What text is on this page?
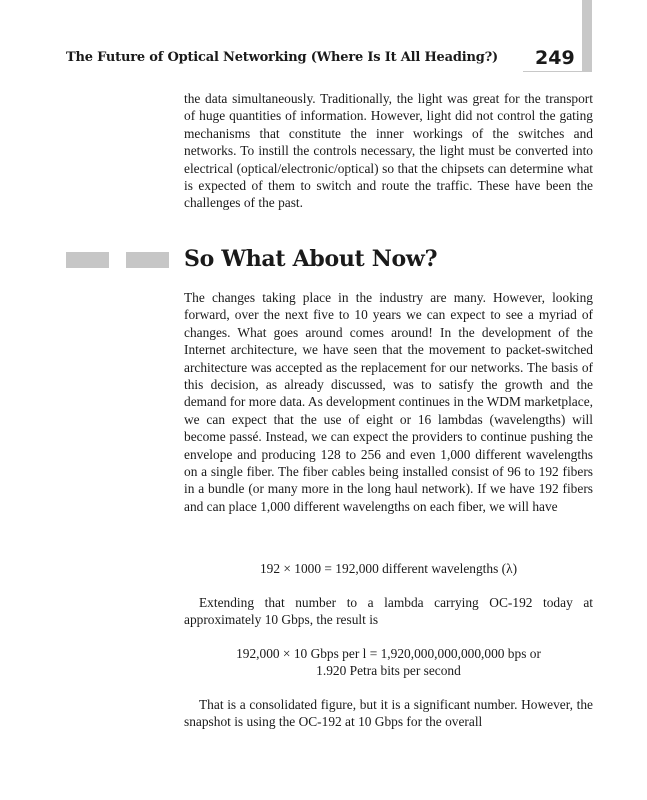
The Future of Optical Networking (Where Is It All Heading?) 249

the data simultaneously. Traditionally, the light was great for the transport of huge quantities of information. However, light did not control the gating mechanisms that constitute the inner workings of the switches and networks. To instill the controls necessary, the light must be converted into electrical (optical/electronic/optical) so that the chipsets can determine what is expected of them to switch and route the traffic. These have been the challenges of the past.

So What About Now?

The changes taking place in the industry are many. However, looking forward, over the next five to 10 years we can expect to see a myriad of changes. What goes around comes around! In the development of the Internet architecture, we have seen that the movement to packet-switched architecture was accepted as the replacement for our networks. The basis of this decision, as already discussed, was to satisfy the growth and the demand for more data. As development continues in the WDM marketplace, we can expect that the use of eight or 16 lambdas (wavelengths) will become passé. Instead, we can expect the providers to continue pushing the envelope and producing 128 to 256 and even 1,000 different wavelengths on a single fiber. The fiber cables being installed consist of 96 to 192 fibers in a bundle (or many more in the long haul network). If we have 192 fibers and can place 1,000 different wavelengths on each fiber, we will have

192 × 1000 = 192,000 different wavelengths (λ)

Extending that number to a lambda carrying OC-192 today at approximately 10 Gbps, the result is

192,000 × 10 Gbps per l = 1,920,000,000,000,000 bps or
1.920 Petra bits per second

That is a consolidated figure, but it is a significant number. However, the snapshot is using the OC-192 at 10 Gbps for the overall
